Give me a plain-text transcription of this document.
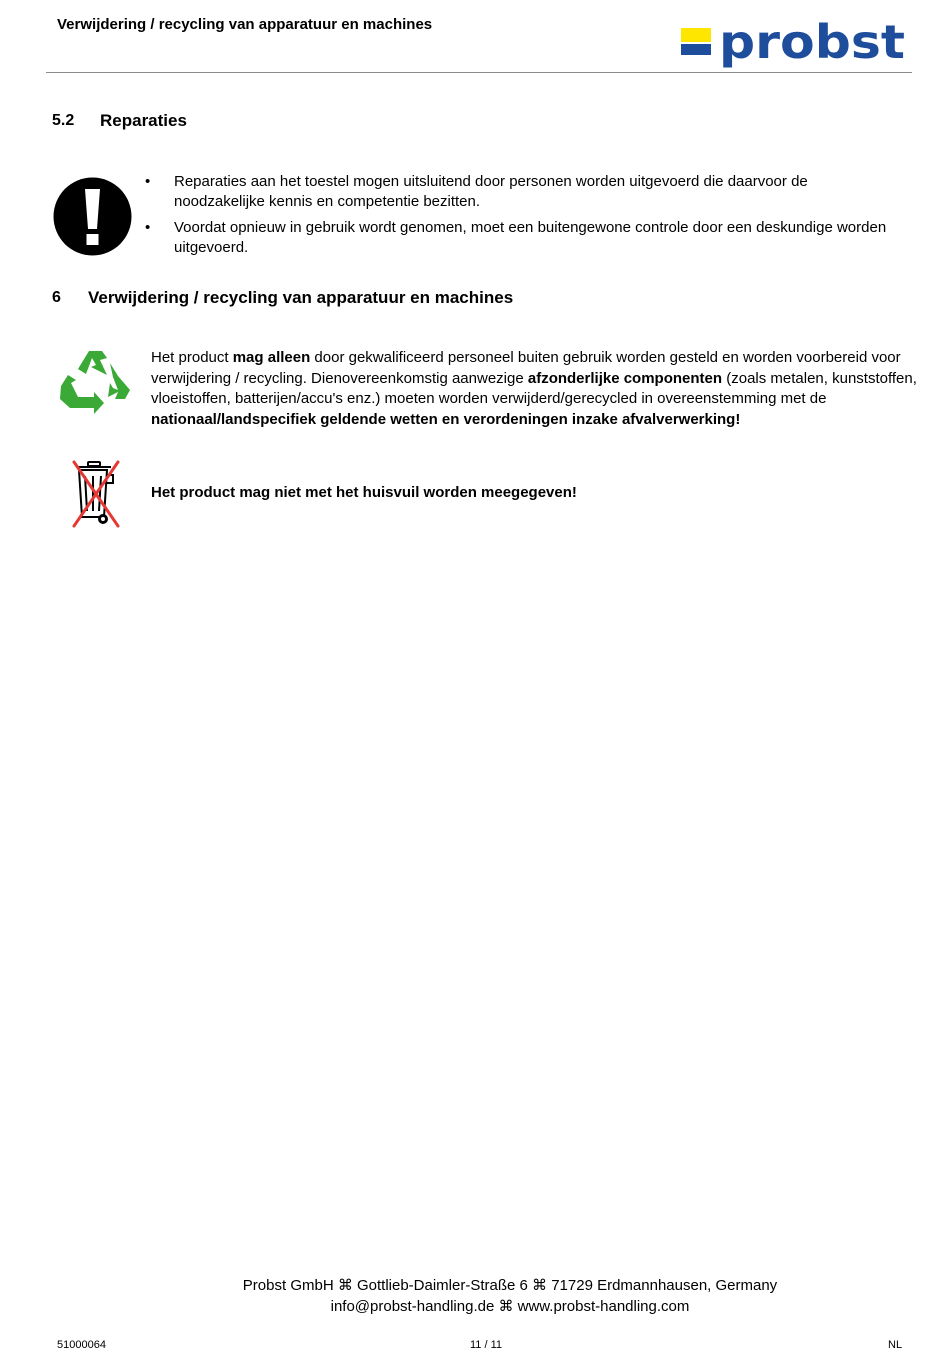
Verwijdering / recycling van apparatuur en machines	probst
5.2 Reparaties
• Reparaties aan het toestel mogen uitsluitend door personen worden uitgevoerd die daarvoor de noodzakelijke kennis en competentie bezitten.
• Voordat opnieuw in gebruik wordt genomen, moet een buitengewone controle door een deskundige worden uitgevoerd.
6 Verwijdering / recycling van apparatuur en machines
Het product mag alleen door gekwalificeerd personeel buiten gebruik worden gesteld en worden voorbereid voor verwijdering / recycling. Dienovereenkomstig aanwezige afzonderlijke componenten (zoals metalen, kunststoffen, vloeistoffen, batterijen/accu's enz.) moeten worden verwijderd/gerecycled in overeenstemming met de nationaal/landspecifiek geldende wetten en verordeningen inzake afvalverwerking!
Het product mag niet met het huisvuil worden meegegeven!
Probst GmbH ⌘ Gottlieb-Daimler-Straße 6 ⌘ 71729 Erdmannhausen, Germany
info@probst-handling.de ⌘ www.probst-handling.com
51000064	11 / 11	NL
